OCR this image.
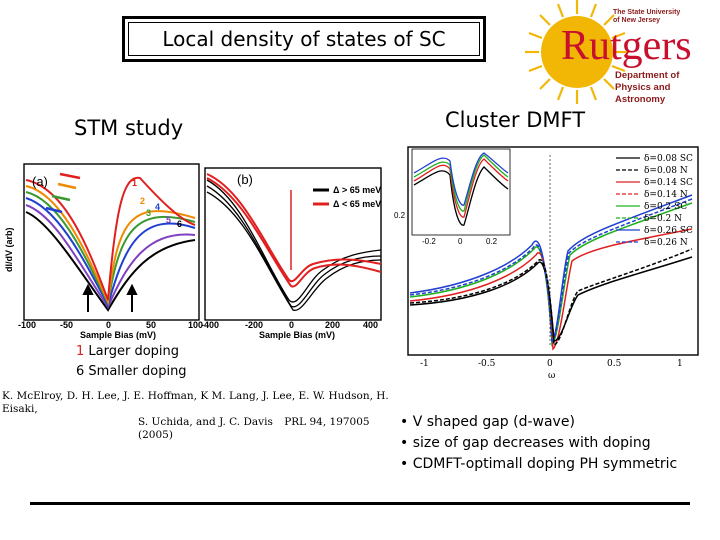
Local density of states of SC
The State University
of New Jersey
Rutgers
Department of
Physics and Astronomy
STM study	Cluster DMFT
(a)
dI/dV (arb)
1
2
3
4
5 6
-100	-50	0	50	100
Sample Bias (mV)
(b)
Δ > 65 meV
Δ < 65 meV
-400	-200	0	200	400
Sample Bias (mV)
1 Larger doping
6 Smaller doping
K. McElroy, D. H. Lee, J. E. Hoffman, K M. Lang, J. Lee, E. W. Hudson, H. Eisaki,
S. Uchida, and J. C. Davis PRL 94, 197005 (2005)
-0.2	0	0.2
0.2
δ=0.08 SC
δ=0.08 N
δ=0.14 SC
δ=0.14 N
δ=0.2 SC
δ=0.2 N
δ=0.26 SC
δ=0.26 N
-1	-0.5	0	0.5	1
ω
• V shaped gap (d-wave)
• size of gap decreases with doping
• CDMFT-optimall doping PH symmetric
